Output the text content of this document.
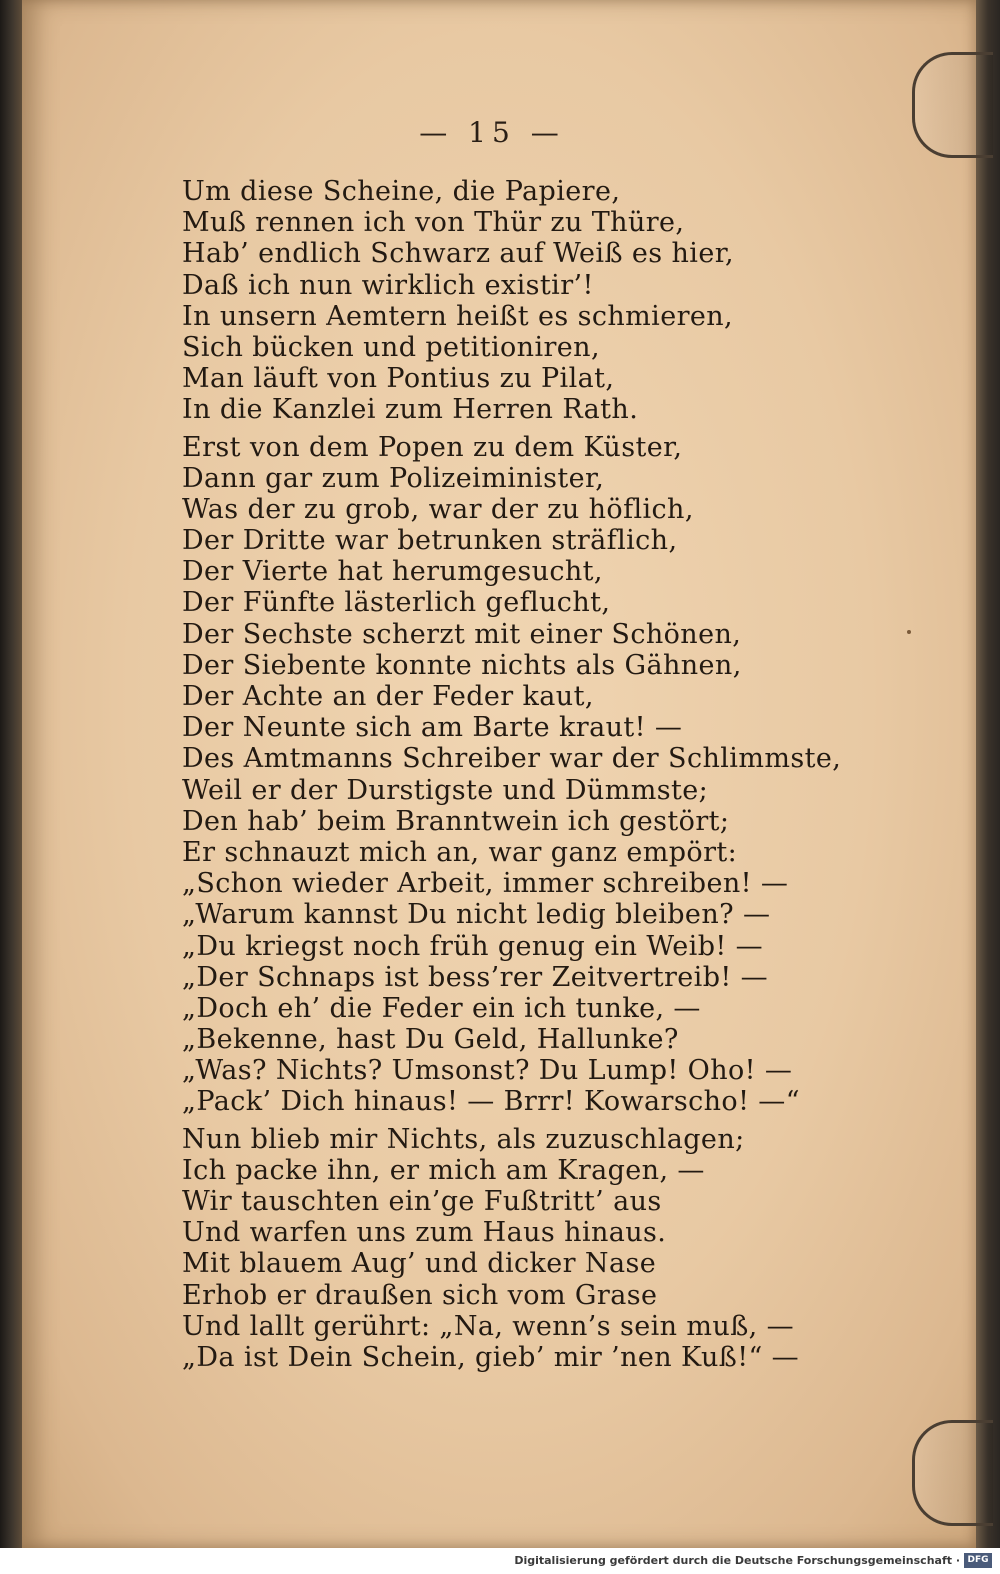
— 15 —
Um diese Scheine, die Papiere,
Muß rennen ich von Thür zu Thüre,
Hab’ endlich Schwarz auf Weiß es hier,
Daß ich nun wirklich existir’!
In unsern Aemtern heißt es schmieren,
Sich bücken und petitioniren,
Man läuft von Pontius zu Pilat,
In die Kanzlei zum Herren Rath.
Erst von dem Popen zu dem Küster,
Dann gar zum Polizeiminister,
Was der zu grob, war der zu höflich,
Der Dritte war betrunken sträflich,
Der Vierte hat herumgesucht,
Der Fünfte lästerlich geflucht,
Der Sechste scherzt mit einer Schönen,
Der Siebente konnte nichts als Gähnen,
Der Achte an der Feder kaut,
Der Neunte sich am Barte kraut! —
Des Amtmanns Schreiber war der Schlimmste,
Weil er der Durstigste und Dümmste;
Den hab’ beim Branntwein ich gestört;
Er schnauzt mich an, war ganz empört:
„Schon wieder Arbeit, immer schreiben! —
„Warum kannst Du nicht ledig bleiben? —
„Du kriegst noch früh genug ein Weib! —
„Der Schnaps ist bess’rer Zeitvertreib! —
„Doch eh’ die Feder ein ich tunke, —
„Bekenne, hast Du Geld, Hallunke?
„Was? Nichts? Umsonst? Du Lump! Oho! —
„Pack’ Dich hinaus! — Brrr! Kowarscho! —“
Nun blieb mir Nichts, als zuzuschlagen;
Ich packe ihn, er mich am Kragen, —
Wir tauschten ein’ge Fußtritt’ aus
Und warfen uns zum Haus hinaus.
Mit blauem Aug’ und dicker Nase
Erhob er draußen sich vom Grase
Und lallt gerührt: „Na, wenn’s sein muß, —
„Da ist Dein Schein, gieb’ mir ’nen Kuß!“ —
Digitalisierung gefördert durch die Deutsche Forschungsgemeinschaft · DFG
